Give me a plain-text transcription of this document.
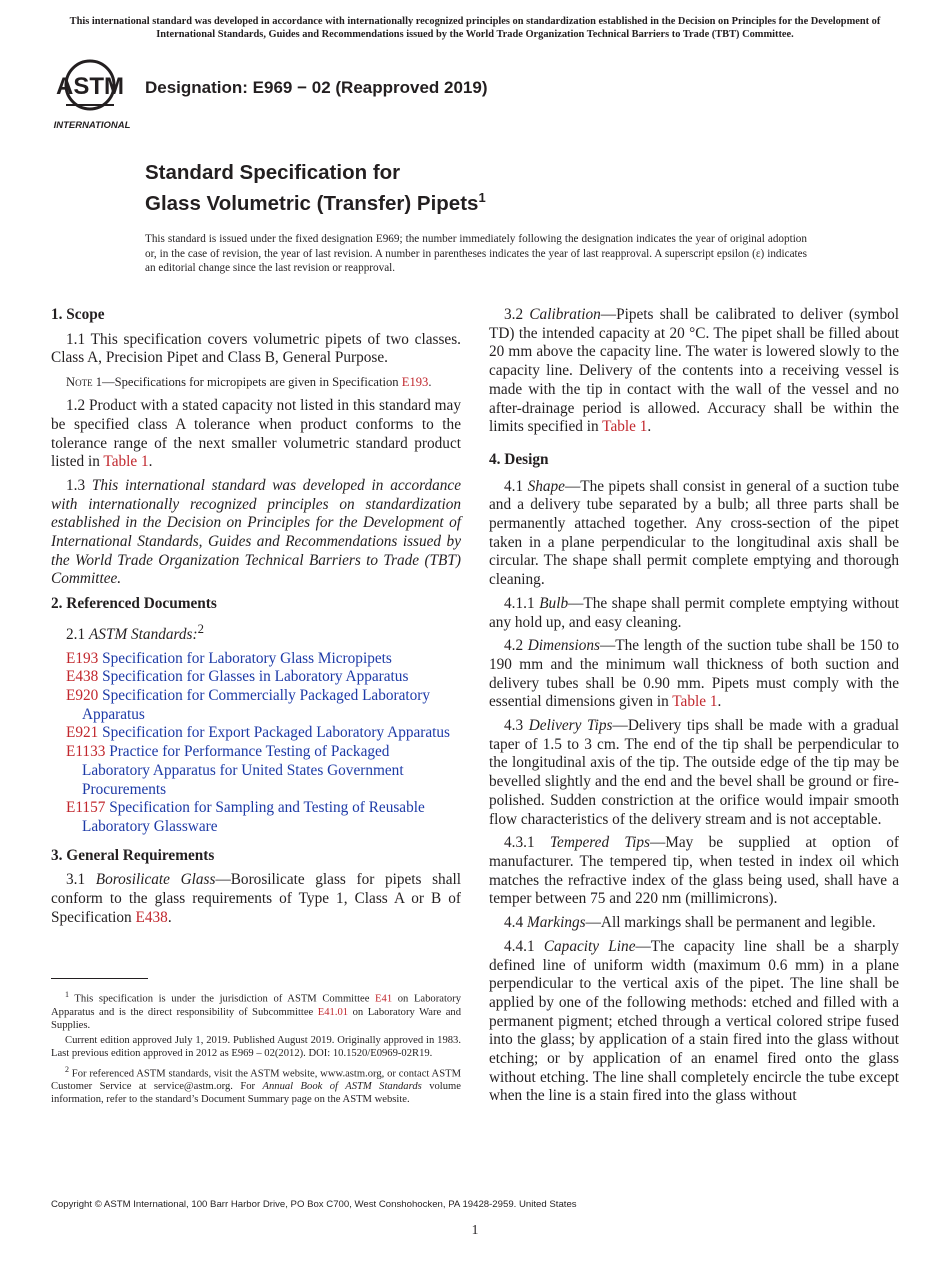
This international standard was developed in accordance with internationally recognized principles on standardization established in the Decision on Principles for the Development of International Standards, Guides and Recommendations issued by the World Trade Organization Technical Barriers to Trade (TBT) Committee.
ASTM
INTERNATIONAL
Designation: E969 − 02 (Reapproved 2019)
Standard Specification for
Glass Volumetric (Transfer) Pipets$^1$
This standard is issued under the fixed designation E969; the number immediately following the designation indicates the year of original adoption or, in the case of revision, the year of last revision. A number in parentheses indicates the year of last reapproval. A superscript epsilon (ε) indicates an editorial change since the last revision or reapproval.
1. Scope

1.1 This specification covers volumetric pipets of two classes. Class A, Precision Pipet and Class B, General Purpose.

Note 1—Specifications for micropipets are given in Specification E193.

1.2 Product with a stated capacity not listed in this standard may be specified class A tolerance when product conforms to the tolerance range of the next smaller volumetric standard product listed in Table 1.

1.3 This international standard was developed in accordance with internationally recognized principles on standardization established in the Decision on Principles for the Development of International Standards, Guides and Recommendations issued by the World Trade Organization Technical Barriers to Trade (TBT) Committee.

2. Referenced Documents

2.1 ASTM Standards:$^2$

E193 Specification for Laboratory Glass Micropipets
E438 Specification for Glasses in Laboratory Apparatus
E920 Specification for Commercially Packaged Laboratory Apparatus
E921 Specification for Export Packaged Laboratory Apparatus
E1133 Practice for Performance Testing of Packaged Laboratory Apparatus for United States Government Procurements
E1157 Specification for Sampling and Testing of Reusable Laboratory Glassware
3. General Requirements

3.1 Borosilicate Glass—Borosilicate glass for pipets shall conform to the glass requirements of Type 1, Class A or B of Specification E438.

$^1$ This specification is under the jurisdiction of ASTM Committee E41 on Laboratory Apparatus and is the direct responsibility of Subcommittee E41.01 on Laboratory Ware and Supplies.

Current edition approved July 1, 2019. Published August 2019. Originally approved in 1983. Last previous edition approved in 2012 as E969 – 02(2012). DOI: 10.1520/E0969-02R19.

$^2$ For referenced ASTM standards, visit the ASTM website, www.astm.org, or contact ASTM Customer Service at service@astm.org. For Annual Book of ASTM Standards volume information, refer to the standard’s Document Summary page on the ASTM website.

3.2 Calibration—Pipets shall be calibrated to deliver (symbol TD) the intended capacity at 20 °C. The pipet shall be filled about 20 mm above the capacity line. The water is lowered slowly to the capacity line. Delivery of the contents into a receiving vessel is made with the tip in contact with the wall of the vessel and no after-drainage period is allowed. Accuracy shall be within the limits specified in Table 1.

4. Design

4.1 Shape—The pipets shall consist in general of a suction tube and a delivery tube separated by a bulb; all three parts shall be permanently attached together. Any cross-section of the pipet taken in a plane perpendicular to the longitudinal axis shall be circular. The shape shall permit complete emptying and thorough cleaning.

4.1.1 Bulb—The shape shall permit complete emptying without any hold up, and easy cleaning.

4.2 Dimensions—The length of the suction tube shall be 150 to 190 mm and the minimum wall thickness of both suction and delivery tubes shall be 0.90 mm. Pipets must comply with the essential dimensions given in Table 1.

4.3 Delivery Tips—Delivery tips shall be made with a gradual taper of 1.5 to 3 cm. The end of the tip shall be perpendicular to the longitudinal axis of the tip. The outside edge of the tip may be bevelled slightly and the end and the bevel shall be ground or fire-polished. Sudden constriction at the orifice would impair smooth flow characteristics of the delivery stream and is not acceptable.

4.3.1 Tempered Tips—May be supplied at option of manufacturer. The tempered tip, when tested in index oil which matches the refractive index of the glass being used, shall have a temper between 75 and 220 nm (millimicrons).

4.4 Markings—All markings shall be permanent and legible.

4.4.1 Capacity Line—The capacity line shall be a sharply defined line of uniform width (maximum 0.6 mm) in a plane perpendicular to the vertical axis of the pipet. The line shall be applied by one of the following methods: etched and filled with a permanent pigment; etched through a vertical colored stripe fused into the glass; by application of a stain fired into the glass without etching; or by application of an enamel fired onto the glass without etching. The line shall completely encircle the tube except when the line is a stain fired into the glass without

Copyright © ASTM International, 100 Barr Harbor Drive, PO Box C700, West Conshohocken, PA 19428-2959. United States
1
